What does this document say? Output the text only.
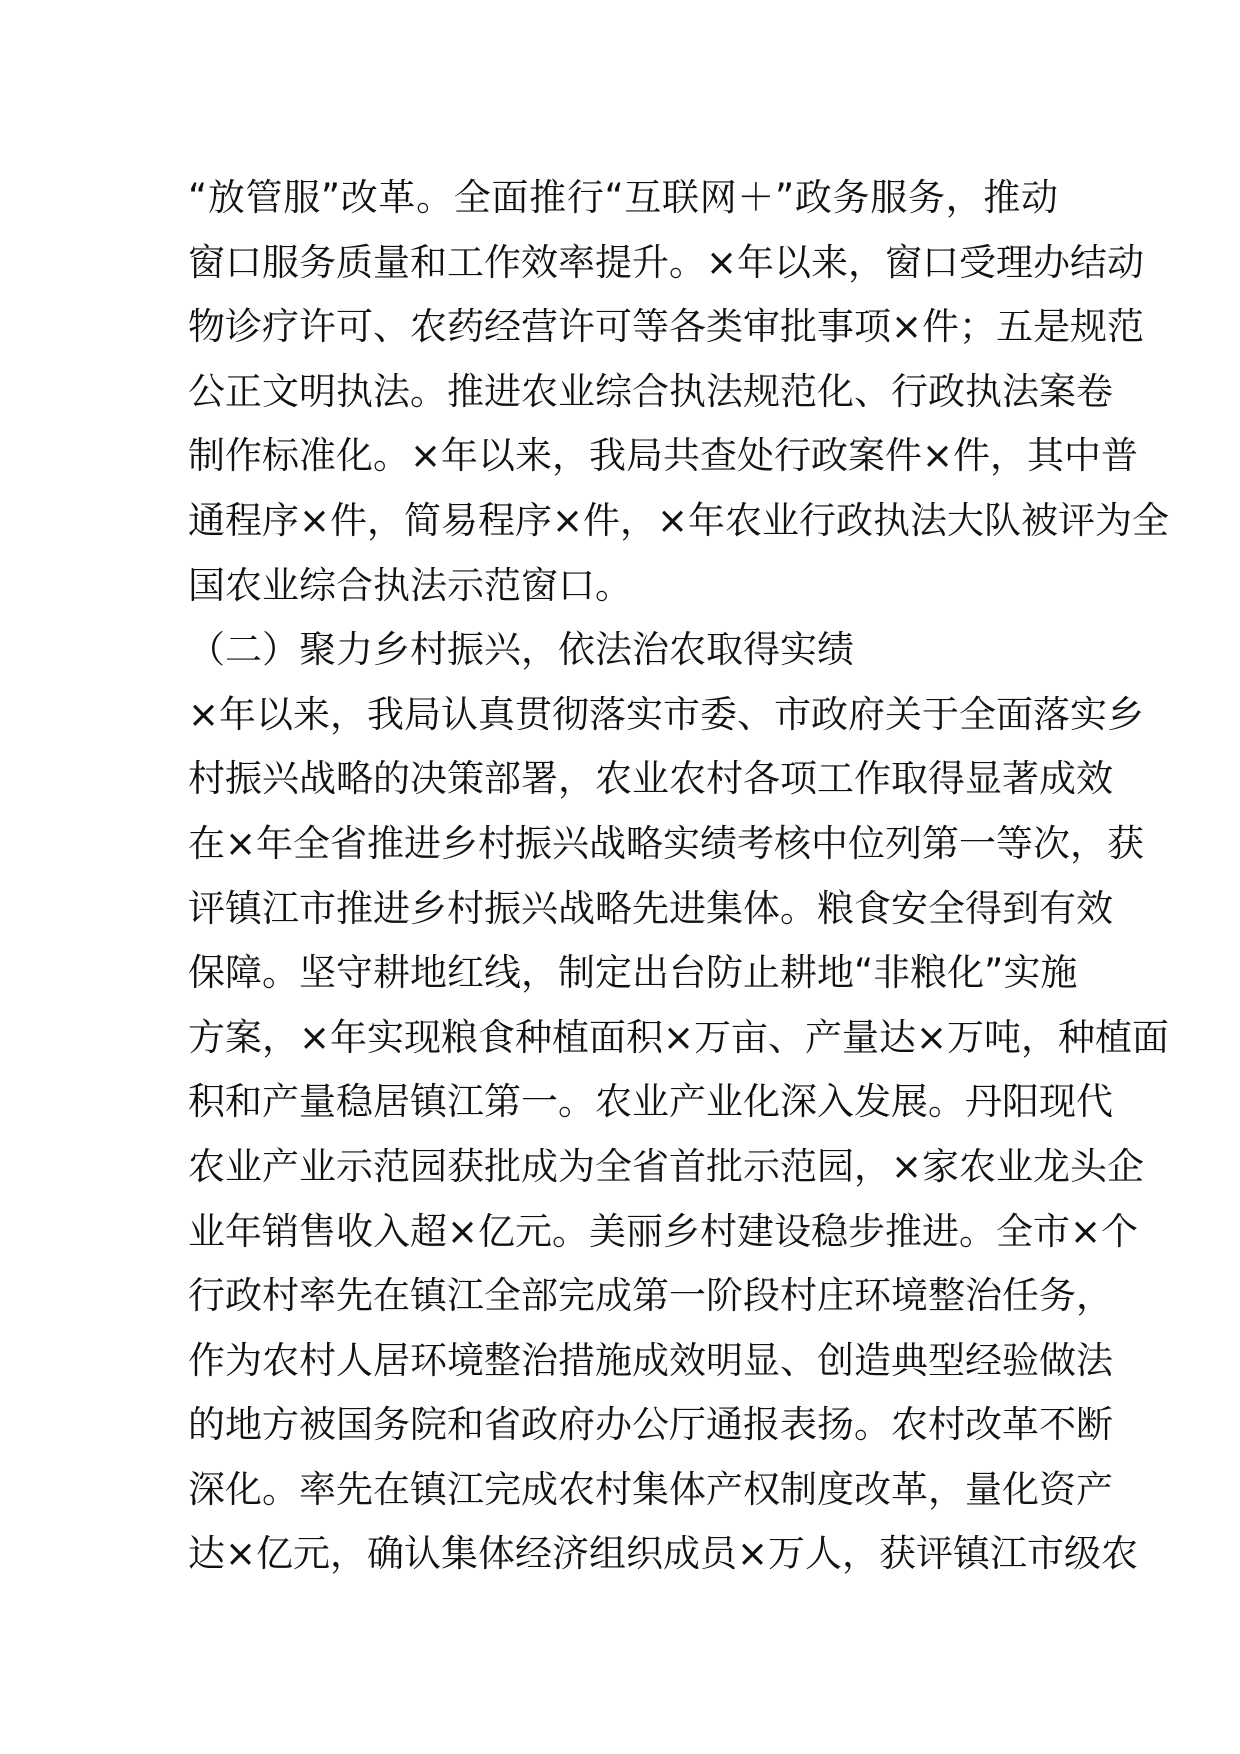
“放管服”改革。全面推行“互联网＋”政务服务，推动
窗口服务质量和工作效率提升。×年以来，窗口受理办结动
物诊疗许可、农药经营许可等各类审批事项×件；五是规范
公正文明执法。推进农业综合执法规范化、行政执法案卷
制作标准化。×年以来，我局共查处行政案件×件，其中普
通程序×件，简易程序×件，×年农业行政执法大队被评为全
国农业综合执法示范窗口。
（二）聚力乡村振兴，依法治农取得实绩
×年以来，我局认真贯彻落实市委、市政府关于全面落实乡
村振兴战略的决策部署，农业农村各项工作取得显著成效
在×年全省推进乡村振兴战略实绩考核中位列第一等次，获
评镇江市推进乡村振兴战略先进集体。粮食安全得到有效
保障。坚守耕地红线，制定出台防止耕地“非粮化”实施
方案，×年实现粮食种植面积×万亩、产量达×万吨，种植面
积和产量稳居镇江第一。农业产业化深入发展。丹阳现代
农业产业示范园获批成为全省首批示范园，×家农业龙头企
业年销售收入超×亿元。美丽乡村建设稳步推进。全市×个
行政村率先在镇江全部完成第一阶段村庄环境整治任务，
作为农村人居环境整治措施成效明显、创造典型经验做法
的地方被国务院和省政府办公厅通报表扬。农村改革不断
深化。率先在镇江完成农村集体产权制度改革，量化资产
达×亿元，确认集体经济组织成员×万人，获评镇江市级农
